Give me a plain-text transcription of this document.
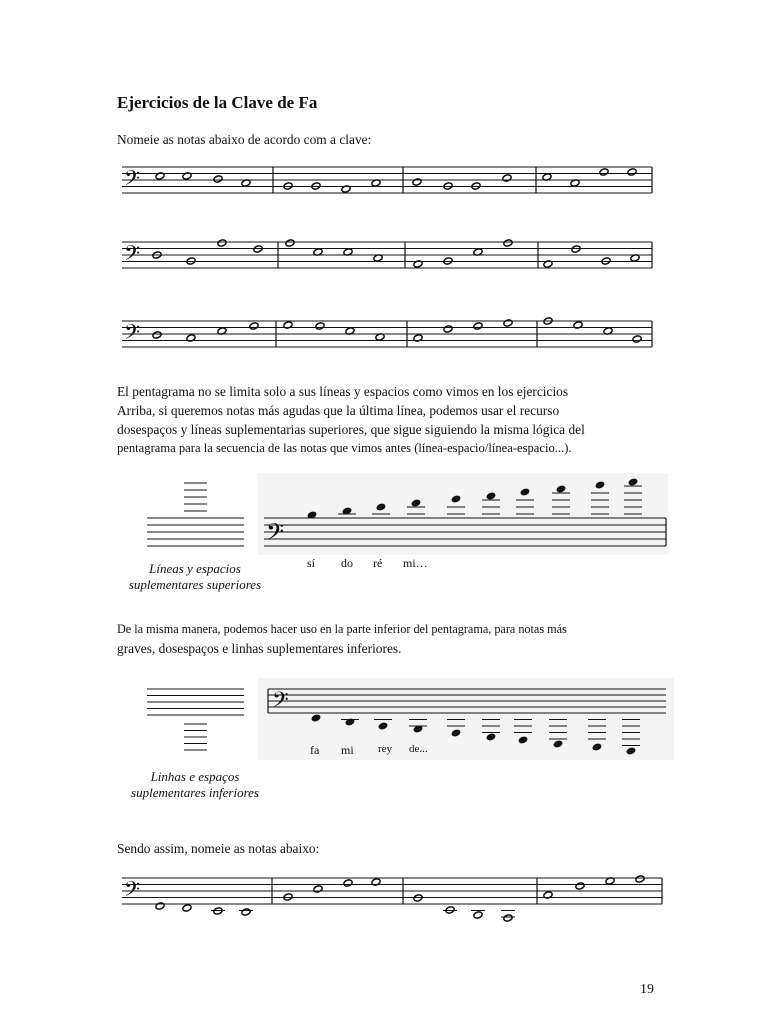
𝄢
𝄢
𝄢
𝄢
𝄢
𝄢
Ejercicios de la Clave de Fa
Nomeie as notas abaixo de acordo com a clave:
El pentagrama no se limita solo a sus líneas y espacios como vimos en los ejercicios
Arriba, si queremos notas más agudas que la última línea, podemos usar el recurso
dosespaços y líneas suplementarias superiores, que sigue siguiendo la misma lógica del
pentagrama para la secuencia de las notas que vimos antes (línea-espacio/línea-espacio...).
Líneas y espacios
suplementares superiores
sí do ré mi…
De la misma manera, podemos hacer uso en la parte inferior del pentagrama, para notas más
graves, dosespaços e linhas suplementares inferiores.
Linhas e espaços
suplementares inferiores
fa mi rey de...
Sendo assim, nomeie as notas abaixo:
19
